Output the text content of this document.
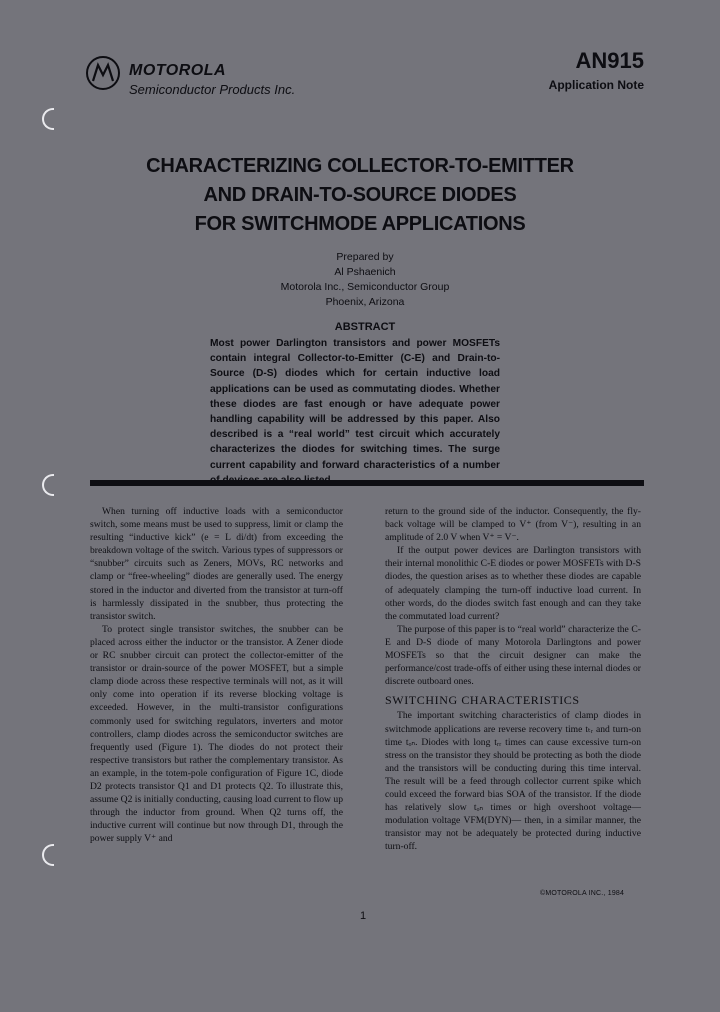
MOTOROLA
Semiconductor Products Inc.
AN915
Application Note
CHARACTERIZING COLLECTOR-TO-EMITTER
AND DRAIN-TO-SOURCE DIODES
FOR SWITCHMODE APPLICATIONS
Prepared by
Al Pshaenich
Motorola Inc., Semiconductor Group
Phoenix, Arizona
ABSTRACT
Most power Darlington transistors and power MOSFETs contain integral Collector-to-Emitter (C-E) and Drain-to-Source (D-S) diodes which for certain inductive load applications can be used as commutating diodes. Whether these diodes are fast enough or have adequate power handling capability will be addressed by this paper. Also described is a “real world” test circuit which accurately characterizes the diodes for switching times. The surge current capability and forward characteristics of a number

When turning off inductive loads with a semiconductor switch, some means must be used to suppress, limit or clamp the resulting “inductive kick” (e = L di/dt) from exceeding the breakdown voltage of the switch. Various types of suppressors or “snubber” circuits such as Zeners, MOVs, RC networks and clamp or “free-wheeling” diodes are generally used. The energy stored in the inductor and diverted from the transistor at turn-off is harmlessly dissipated in the snubber, thus protecting the transistor switch.

To protect single transistor switches, the snubber can be placed across either the inductor or the transistor. A Zener diode or RC snubber circuit can protect the collector-emitter of the transistor or drain-source of the power MOSFET, but a simple clamp diode across these respective terminals will not, as it will only come into operation if its reverse blocking voltage is exceeded. However, in the multi-transistor configurations commonly used for switching regulators, inverters and motor controllers, clamp diodes across the semiconductor switches are frequently used (Figure 1). The diodes do not protect their respective transistors but rather the complementary transistor. As an example, in the totem-pole configuration of Figure 1C, diode D2 protects transistor Q1 and D1 protects Q2. To illustrate this, assume Q2 is initially conducting, causing load current to flow up through the inductor from ground. When Q2 turns off, the inductive current will continue but now through D1, through the power supply V⁺ and

return to the ground side of the inductor. Consequently, the fly-back voltage will be clamped to V⁺ (from V⁻), resulting in an amplitude of 2.0 V when V⁺ = V⁻.

If the output power devices are Darlington transistors with their internal monolithic C-E diodes or power MOSFETs with D-S diodes, the question arises as to whether these diodes are capable of adequately clamping the turn-off inductive load current. In other words, do the diodes switch fast enough and can they take the commutated load current?

The purpose of this paper is to “real world” characterize the C-E and D-S diode of many Motorola Darlingtons and power MOSFETs so that the circuit designer can make the performance/cost trade-offs of either using these internal diodes or discrete outboard ones.

SWITCHING CHARACTERISTICS

The important switching characteristics of clamp diodes in switchmode applications are reverse recovery time tₜᵣ and turn-on time tₒₙ. Diodes with long tᵣᵣ times can cause excessive turn-on stress on the transistor they should be protecting as both the diode and the transistors will be conducting during this time interval. The result will be a feed through collector current spike which could exceed the forward bias SOA of the transistor. If the diode has relatively slow tₒₙ times or high overshoot voltage—modulation voltage VFM(DYN)— then, in a similar manner, the transistor may not be adequately be protected during inductive turn-off.

©MOTOROLA INC., 1984
1
